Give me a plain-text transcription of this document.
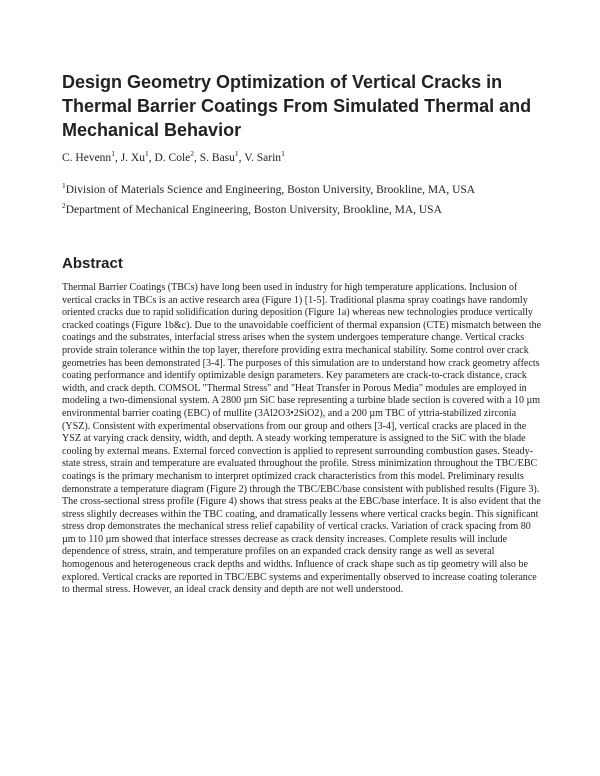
Design Geometry Optimization of Vertical Cracks in Thermal Barrier Coatings From Simulated Thermal and Mechanical Behavior
C. Hevenn$^1$, J. Xu$^1$, D. Cole$^2$, S. Basu$^1$, V. Sarin$^1$
$^1$Division of Materials Science and Engineering, Boston University, Brookline, MA, USA
$^2$Department of Mechanical Engineering, Boston University, Brookline, MA, USA
Abstract
Thermal Barrier Coatings (TBCs) have long been used in industry for high temperature applications. Inclusion of vertical cracks in TBCs is an active research area (Figure 1) [1-5]. Traditional plasma spray coatings have randomly oriented cracks due to rapid solidification during deposition (Figure 1a) whereas new technologies produce vertically cracked coatings (Figure 1b&c). Due to the unavoidable coefficient of thermal expansion (CTE) mismatch between the coatings and the substrates, interfacial stress arises when the system undergoes temperature change. Vertical cracks provide strain tolerance within the top layer, therefore providing extra mechanical stability. Some control over crack geometries has been demonstrated [3-4]. The purposes of this simulation are to understand how crack geometry affects coating performance and identify optimizable design parameters. Key parameters are crack-to-crack distance, crack width, and crack depth. COMSOL "Thermal Stress" and "Heat Transfer in Porous Media" modules are employed in modeling a two-dimensional system. A 2800 µm SiC base representing a turbine blade section is covered with a 10 µm environmental barrier coating (EBC) of mullite (3Al2O3•2SiO2), and a 200 µm TBC of yttria-stabilized zirconia (YSZ). Consistent with experimental observations from our group and others [3-4], vertical cracks are placed in the YSZ at varying crack density, width, and depth. A steady working temperature is assigned to the SiC with the blade cooling by external means. External forced convection is applied to represent surrounding combustion gases. Steady-state stress, strain and temperature are evaluated throughout the profile. Stress minimization throughout the TBC/EBC coatings is the primary mechanism to interpret optimized crack characteristics from this model. Preliminary results demonstrate a temperature diagram (Figure 2) through the TBC/EBC/base consistent with published results (Figure 3). The cross-sectional stress profile (Figure 4) shows that stress peaks at the EBC/base interface. It is also evident that the stress slightly decreases within the TBC coating, and dramatically lessens where vertical cracks begin. This significant stress drop demonstrates the mechanical stress relief capability of vertical cracks. Variation of crack spacing from 80 µm to 110 µm showed that interface stresses decrease as crack density increases. Complete results will include dependence of stress, strain, and temperature profiles on an expanded crack density range as well as several homogenous and heterogeneous crack depths and widths. Influence of crack shape such as tip geometry will also be explored. Vertical cracks are reported in TBC/EBC systems and experimentally observed to increase coating tolerance to thermal stress. However, an ideal crack density and depth are not well understood.
